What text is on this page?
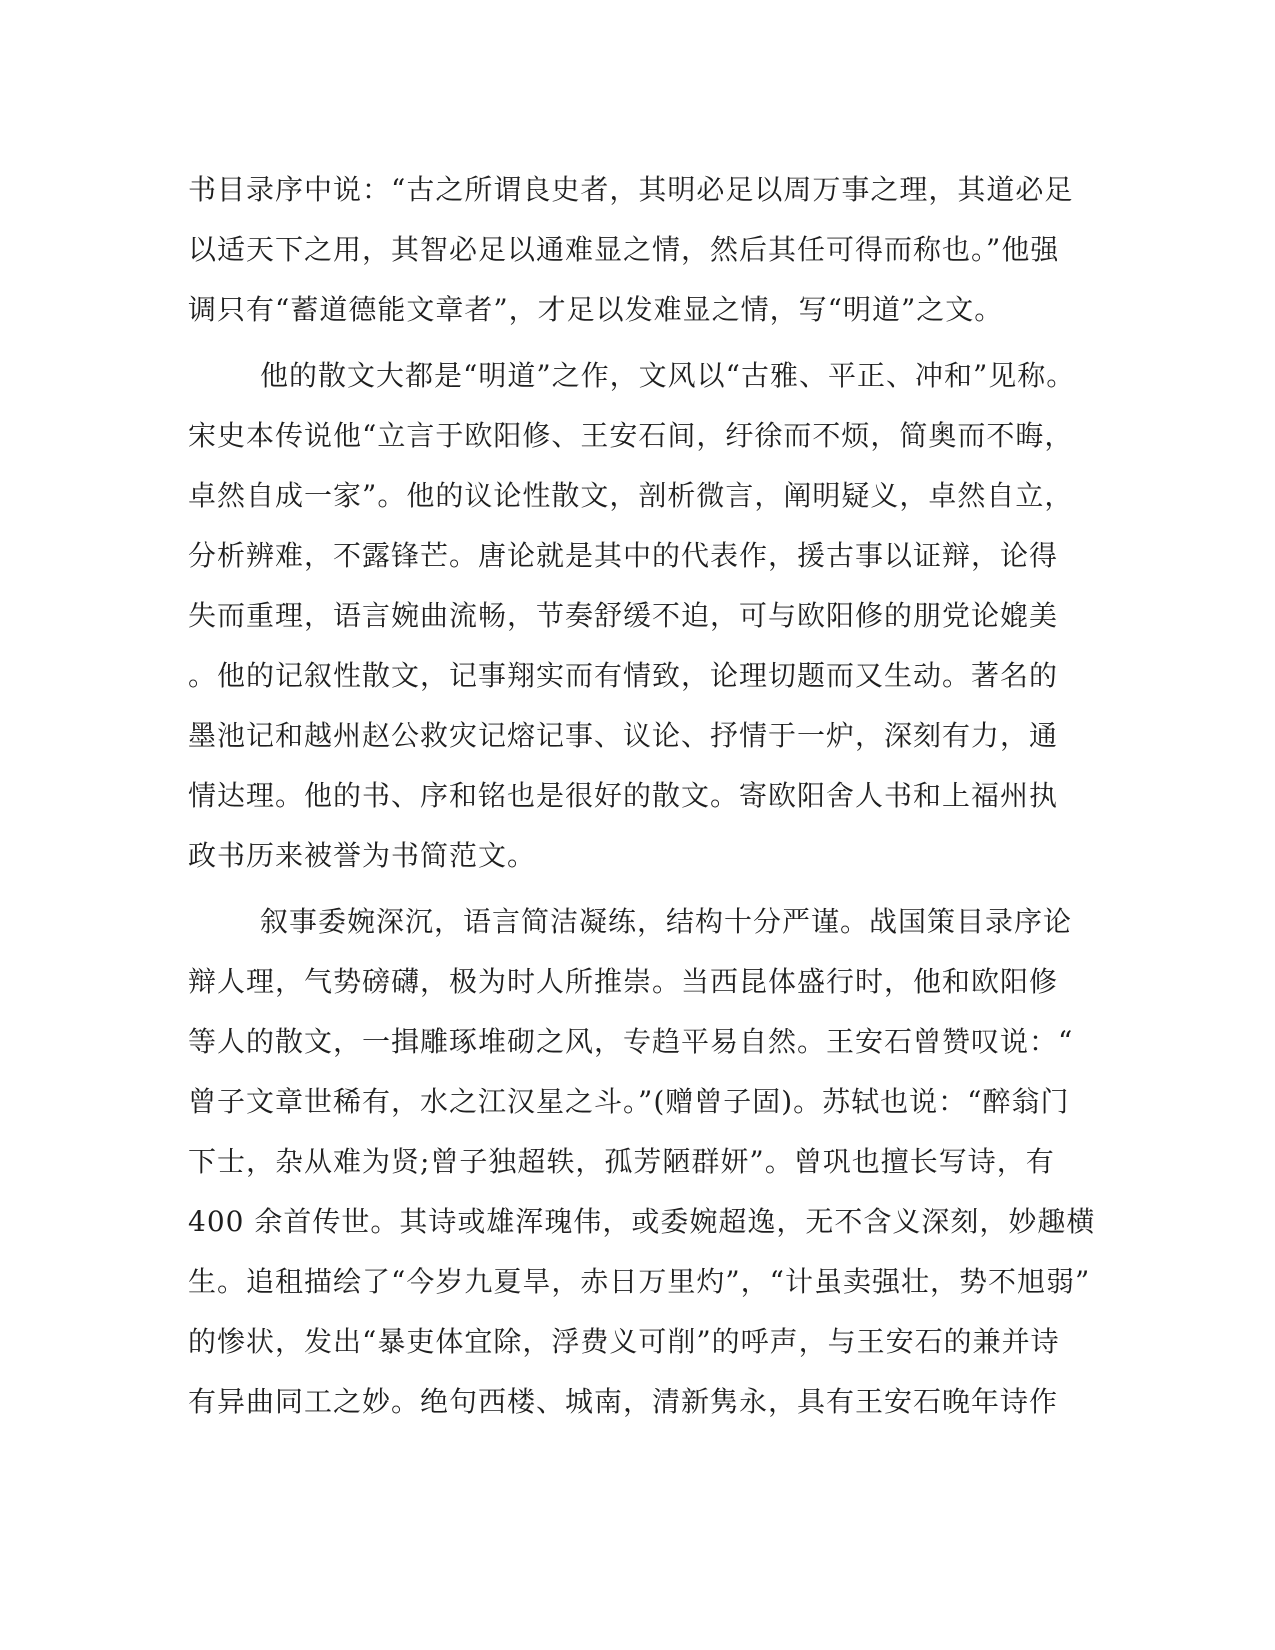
书目录序中说：“古之所谓良史者，其明必足以周万事之理，其道必足
以适天下之用，其智必足以通难显之情，然后其任可得而称也。”他强
调只有“蓄道德能文章者”，才足以发难显之情，写“明道”之文。
他的散文大都是“明道”之作，文风以“古雅、平正、冲和”见称。
宋史本传说他“立言于欧阳修、王安石间，纡徐而不烦，简奥而不晦，
卓然自成一家”。他的议论性散文，剖析微言，阐明疑义，卓然自立，
分析辨难，不露锋芒。唐论就是其中的代表作，援古事以证辩，论得
失而重理，语言婉曲流畅，节奏舒缓不迫，可与欧阳修的朋党论媲美
。他的记叙性散文，记事翔实而有情致，论理切题而又生动。著名的
墨池记和越州赵公救灾记熔记事、议论、抒情于一炉，深刻有力，通
情达理。他的书、序和铭也是很好的散文。寄欧阳舍人书和上福州执
政书历来被誉为书简范文。
叙事委婉深沉，语言简洁凝练，结构十分严谨。战国策目录序论
辩人理，气势磅礴，极为时人所推崇。当西昆体盛行时，他和欧阳修
等人的散文，一揖雕琢堆砌之风，专趋平易自然。王安石曾赞叹说：“
曾子文章世稀有，水之江汉星之斗。”(赠曾子固)。苏轼也说：“醉翁门
下士，杂从难为贤;曾子独超轶，孤芳陋群妍”。曾巩也擅长写诗，有
400 余首传世。其诗或雄浑瑰伟，或委婉超逸，无不含义深刻，妙趣横
生。追租描绘了“今岁九夏旱，赤日万里灼”，“计虽卖强壮，势不旭弱”
的惨状，发出“暴吏体宜除，浮费义可削”的呼声，与王安石的兼并诗
有异曲同工之妙。绝句西楼、城南，清新隽永，具有王安石晚年诗作
